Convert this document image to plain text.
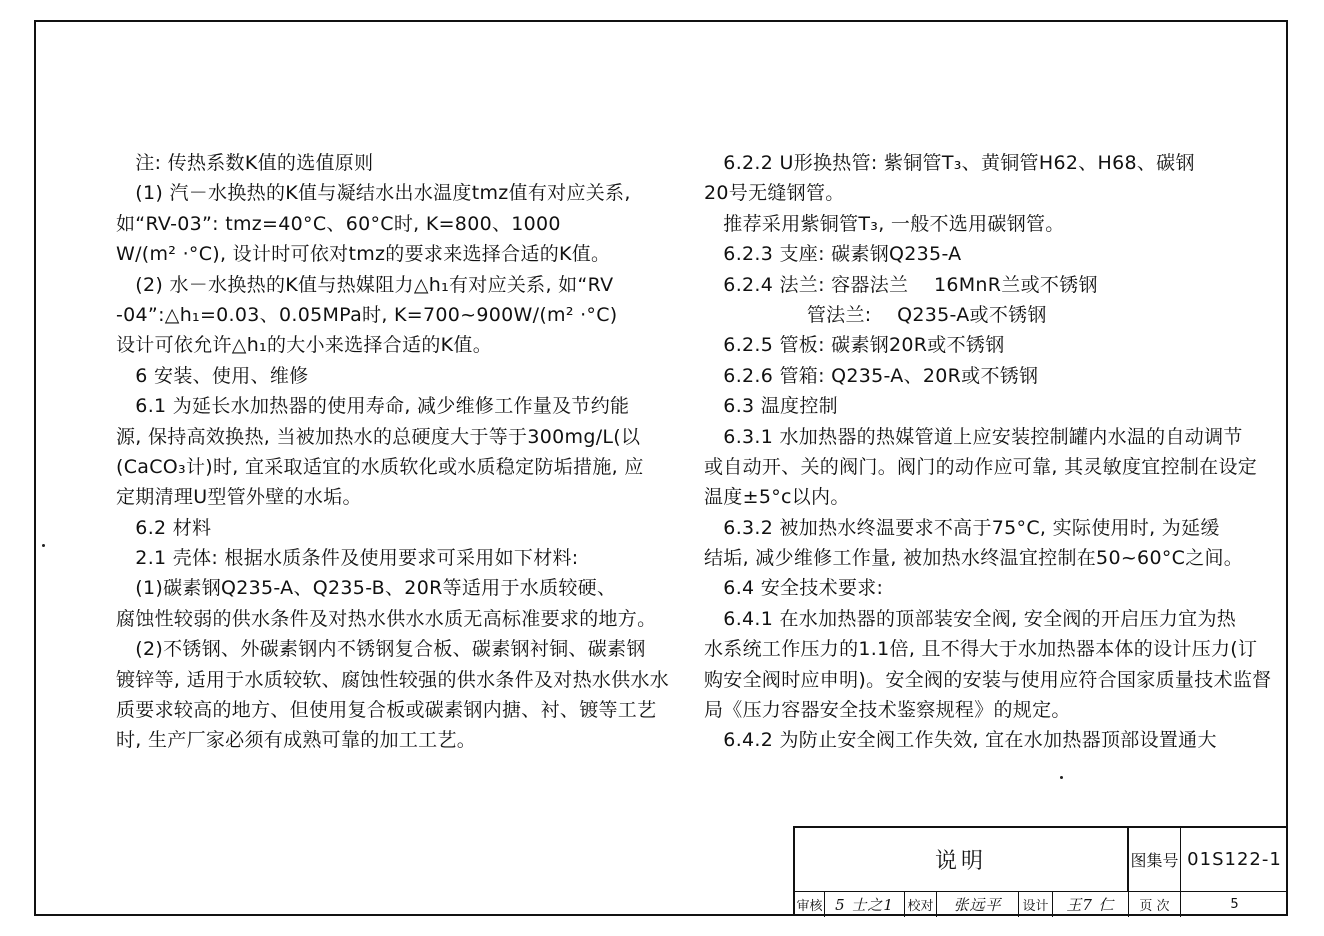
　注: 传热系数K值的选值原则
　(1) 汽－水换热的K值与凝结水出水温度tmz值有对应关系,
如“RV-03”: tmz=40°C、60°C时, K=800、1000
W/(m² ·°C), 设计时可依对tmz的要求来选择合适的K值。
　(2) 水－水换热的K值与热媒阻力△h₁有对应关系, 如“RV
-04”:△h₁=0.03、0.05MPa时, K=700~900W/(m² ·°C)
设计可依允许△h₁的大小来选择合适的K值。
　6 安装、使用、维修
　6.1 为延长水加热器的使用寿命, 减少维修工作量及节约能
源, 保持高效换热, 当被加热水的总硬度大于等于300mg/L(以
(CaCO₃计)时, 宜采取适宜的水质软化或水质稳定防垢措施, 应
定期清理U型管外壁的水垢。
　6.2 材料
　2.1 壳体: 根据水质条件及使用要求可采用如下材料:
　(1)碳素钢Q235-A、Q235-B、20R等适用于水质较硬、
腐蚀性较弱的供水条件及对热水供水水质无高标准要求的地方。
　(2)不锈钢、外碳素钢内不锈钢复合板、碳素钢衬铜、碳素钢
镀锌等, 适用于水质较软、腐蚀性较强的供水条件及对热水供水水
质要求较高的地方、但使用复合板或碳素钢内搪、衬、镀等工艺
时, 生产厂家必须有成熟可靠的加工工艺。
　6.2.2 U形换热管: 紫铜管T₃、黄铜管H62、H68、碳钢
20号无缝钢管。
　推荐采用紫铜管T₃, 一般不选用碳钢管。
　6.2.3 支座: 碳素钢Q235-A
　6.2.4 法兰: 容器法兰　 16MnR兰或不锈钢
　　　　　 管法兰:　 Q235-A或不锈钢
　6.2.5 管板: 碳素钢20R或不锈钢
　6.2.6 管箱: Q235-A、20R或不锈钢
　6.3 温度控制
　6.3.1 水加热器的热媒管道上应安装控制罐内水温的自动调节
或自动开、关的阀门。阀门的动作应可靠, 其灵敏度宜控制在设定
温度±5°c以内。
　6.3.2 被加热水终温要求不高于75°C, 实际使用时, 为延缓
结垢, 减少维修工作量, 被加热水终温宜控制在50~60°C之间。
　6.4 安全技术要求:
　6.4.1 在水加热器的顶部装安全阀, 安全阀的开启压力宜为热
水系统工作压力的1.1倍, 且不得大于水加热器本体的设计压力(订
购安全阀时应申明)。安全阀的安装与使用应符合国家质量技术监督
局《压力容器安全技术鉴察规程》的规定。
　6.4.2 为防止安全阀工作失效, 宜在水加热器顶部设置通大
说明	图集号 01S122-1
审核 5 士之1	校对	张远平	设计	王7 仁	页 次	5
